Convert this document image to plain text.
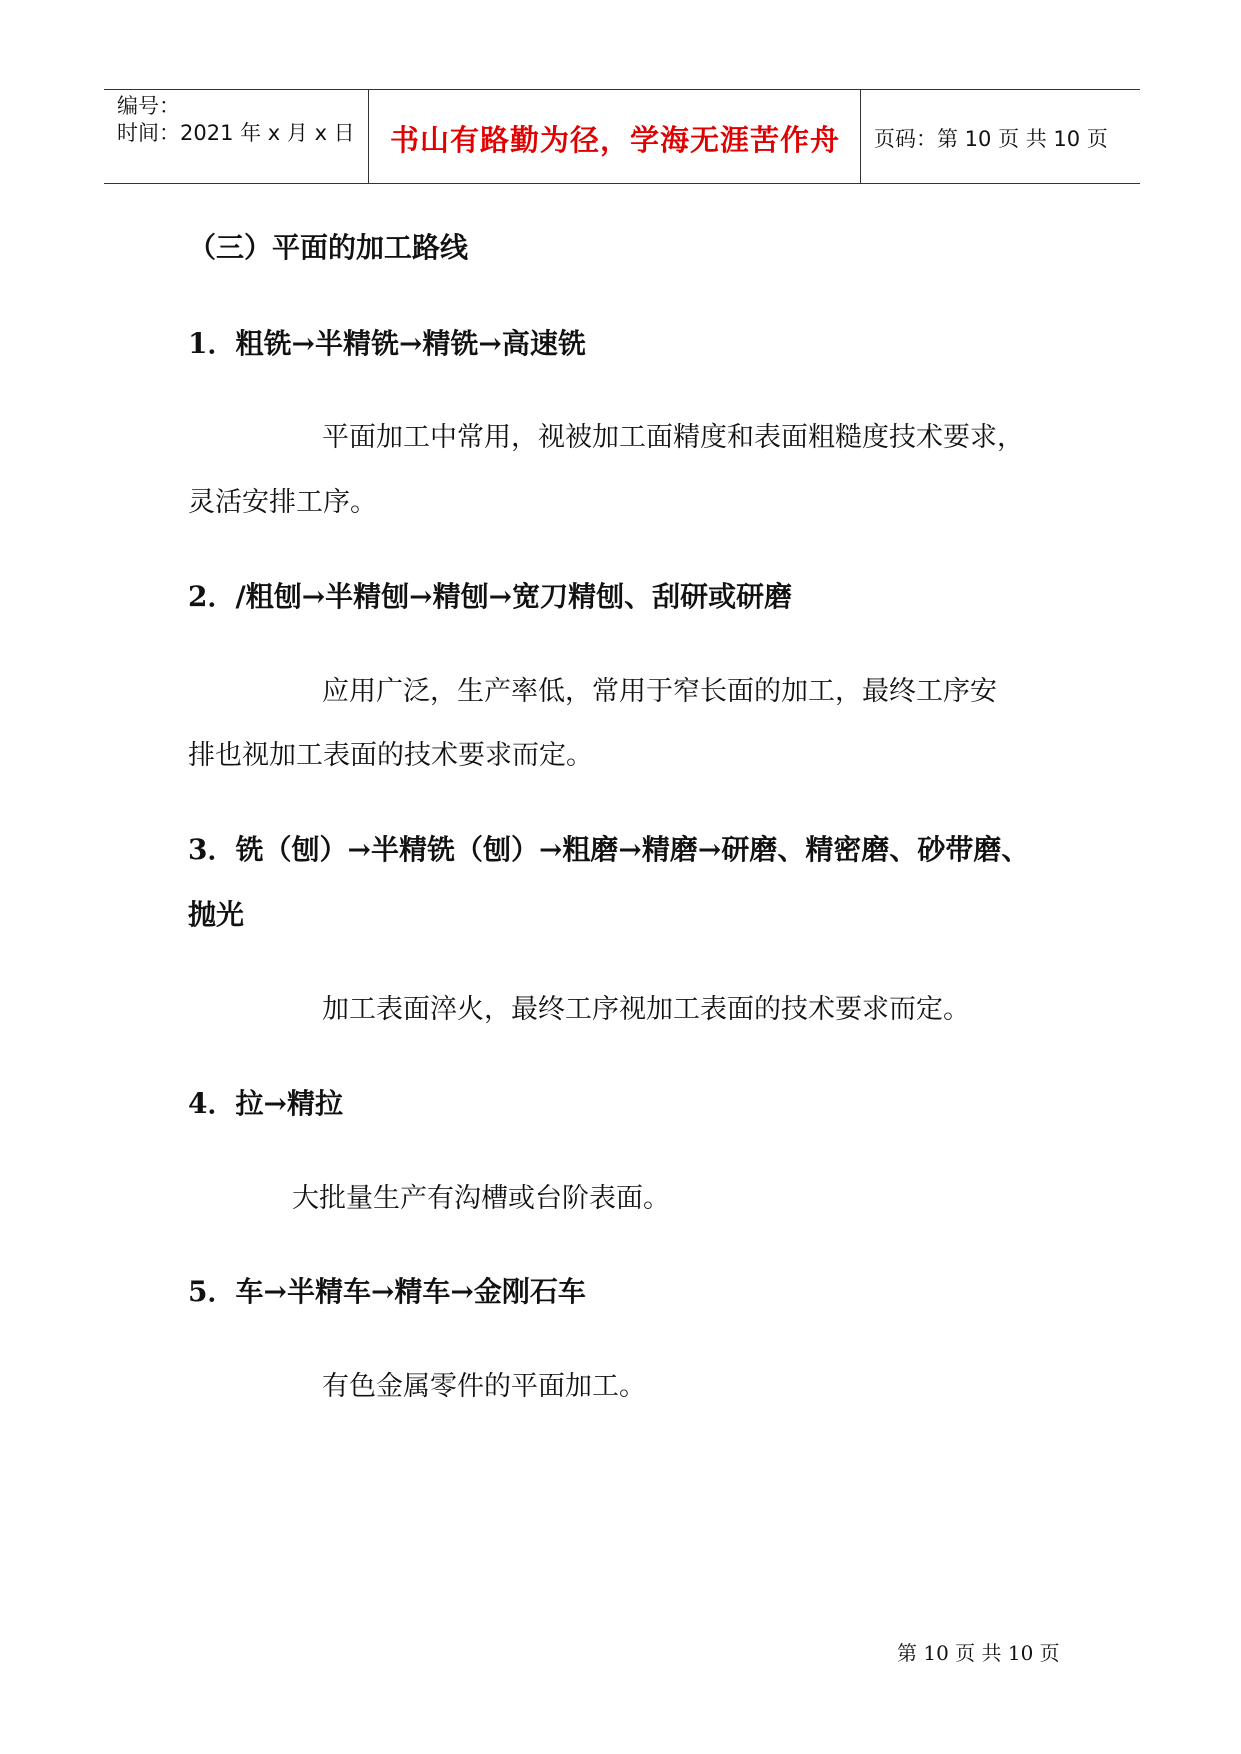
编号：
时间：2021 年 x 月 x 日	书山有路勤为径，学海无涯苦作舟	页码：第 10 页 共 10 页
（三）平面的加工路线
1．粗铣→半精铣→精铣→高速铣
平面加工中常用，视被加工面精度和表面粗糙度技术要求，
灵活安排工序。
2．/粗刨→半精刨→精刨→宽刀精刨、刮研或研磨
应用广泛，生产率低，常用于窄长面的加工，最终工序安
排也视加工表面的技术要求而定。
3．铣（刨）→半精铣（刨）→粗磨→精磨→研磨、精密磨、砂带磨、
抛光
加工表面淬火，最终工序视加工表面的技术要求而定。
4．拉→精拉
大批量生产有沟槽或台阶表面。
5．车→半精车→精车→金刚石车
有色金属零件的平面加工。
第 10 页 共 10 页
